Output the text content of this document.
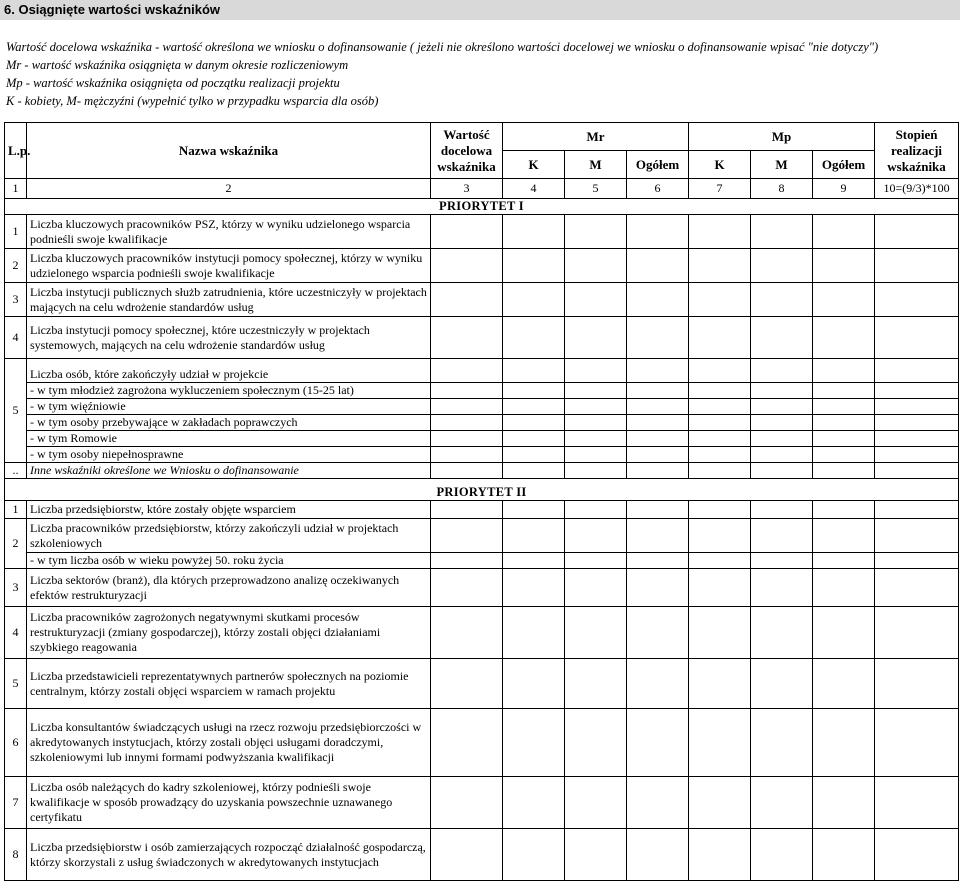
6. Osiągnięte wartości wskaźników
Wartość docelowa wskaźnika - wartość określona we wniosku o dofinansowanie ( jeżeli nie określono wartości docelowej we wniosku o dofinansowanie wpisać "nie dotyczy")
Mr - wartość wskaźnika osiągnięta w danym okresie rozliczeniowym
Mp - wartość wskaźnika osiągnięta od początku realizacji projektu
K - kobiety, M- mężczyźni (wypełnić tylko w przypadku wsparcia dla osób)
L.p.	Nazwa wskaźnika	Wartość docelowa wskaźnika	Mr			Mp			Stopień realizacji wskaźnika
			K	M	Ogółem	K	M	Ogółem	
1	2	3	4	5	6	7	8	9	10=(9/3)*100
PRIORYTET I									
1	Liczba kluczowych pracowników PSZ, którzy w wyniku udzielonego wsparcia podnieśli swoje kwalifikacje								
2	Liczba kluczowych pracowników instytucji pomocy społecznej, którzy w wyniku udzielonego wsparcia podnieśli swoje kwalifikacje								
3	Liczba instytucji publicznych służb zatrudnienia, które uczestniczyły w projektach mających na celu wdrożenie standardów usług								
4	Liczba instytucji pomocy społecznej, które uczestniczyły w projektach systemowych, mających na celu wdrożenie standardów usług								
5	Liczba osób, które zakończyły udział w projekcie								
	- w tym młodzież zagrożona wykluczeniem społecznym (15-25 lat)								
	- w tym więźniowie								
	- w tym osoby przebywające w zakładach poprawczych								
	- w tym Romowie								
	- w tym osoby niepełnosprawne								
..	Inne wskaźniki określone we Wniosku o dofinansowanie								
PRIORYTET II									
1	Liczba przedsiębiorstw, które zostały objęte wsparciem								
2	Liczba pracowników przedsiębiorstw, którzy zakończyli udział w projektach szkoleniowych								
	- w tym liczba osób w wieku powyżej 50. roku życia								
3	Liczba sektorów (branż), dla których przeprowadzono analizę oczekiwanych efektów restrukturyzacji								
4	Liczba pracowników zagrożonych negatywnymi skutkami procesów restrukturyzacji (zmiany gospodarczej), którzy zostali objęci działaniami szybkiego reagowania								
5	Liczba przedstawicieli reprezentatywnych partnerów społecznych na poziomie centralnym, którzy zostali objęci wsparciem w ramach projektu								
6	Liczba konsultantów świadczących usługi na rzecz rozwoju przedsiębiorczości w akredytowanych instytucjach, którzy zostali objęci usługami doradczymi, szkoleniowymi lub innymi formami podwyższania kwalifikacji								
7	Liczba osób należących do kadry szkoleniowej, którzy podnieśli swoje kwalifikacje w sposób prowadzący do uzyskania powszechnie uznawanego certyfikatu								
8	Liczba przedsiębiorstw i osób zamierzających rozpocząć działalność gospodarczą, którzy skorzystali z usług świadczonych w akredytowanych instytucjach								
